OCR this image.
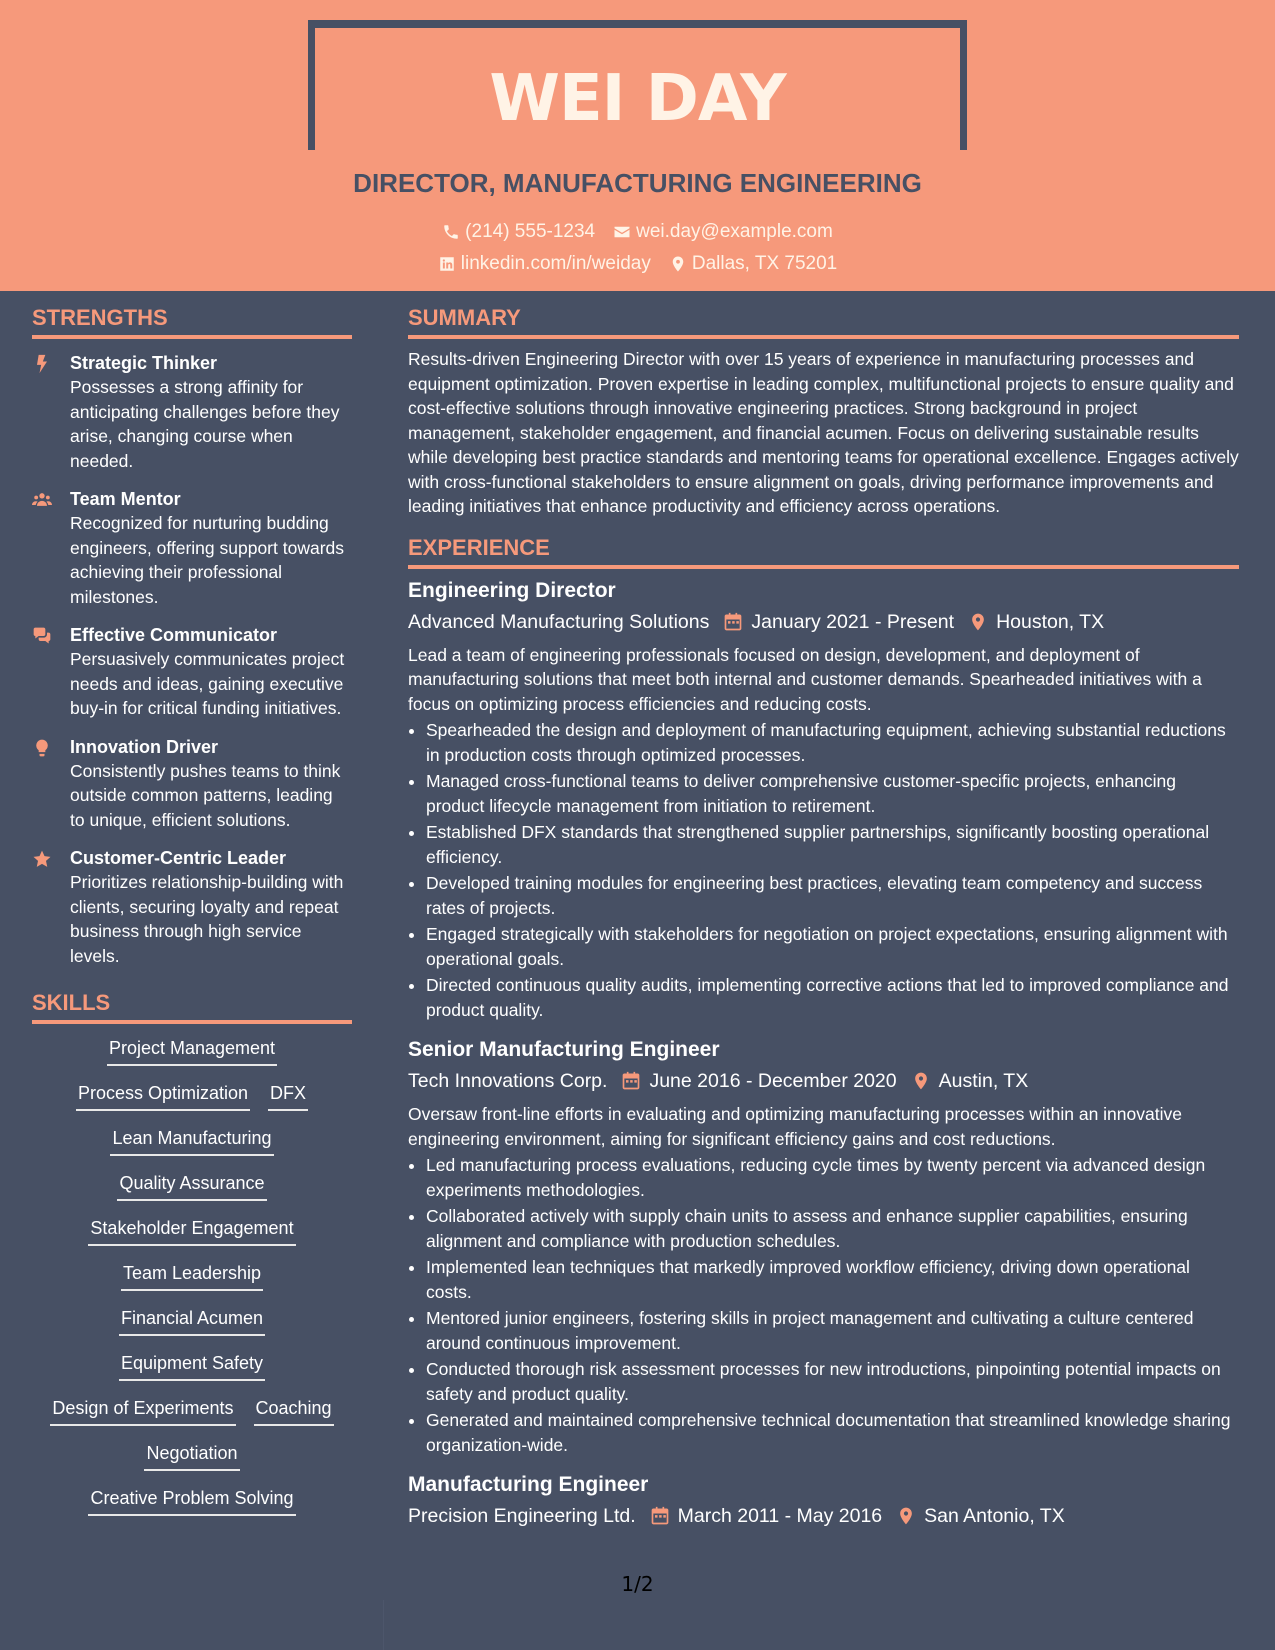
WEI DAY
DIRECTOR, MANUFACTURING ENGINEERING
(214) 555-1234 wei.day@example.com
linkedin.com/in/weiday Dallas, TX 75201
STRENGTHS
Strategic Thinker
Possesses a strong affinity for anticipating challenges before they arise, changing course when needed.
Team Mentor
Recognized for nurturing budding engineers, offering support towards achieving their professional milestones.
Effective Communicator
Persuasively communicates project needs and ideas, gaining executive buy-in for critical funding initiatives.
Innovation Driver
Consistently pushes teams to think outside common patterns, leading to unique, efficient solutions.
Customer-Centric Leader
Prioritizes relationship-building with clients, securing loyalty and repeat business through high service levels.
SKILLS
Project Management
Process Optimization DFX
Lean Manufacturing
Quality Assurance
Stakeholder Engagement
Team Leadership
Financial Acumen
Equipment Safety
Design of Experiments Coaching
Negotiation
Creative Problem Solving
SUMMARY
Results-driven Engineering Director with over 15 years of experience in manufacturing processes and equipment optimization. Proven expertise in leading complex, multifunctional projects to ensure quality and cost-effective solutions through innovative engineering practices. Strong background in project management, stakeholder engagement, and financial acumen. Focus on delivering sustainable results while developing best practice standards and mentoring teams for operational excellence. Engages actively with cross-functional stakeholders to ensure alignment on goals, driving performance improvements and leading initiatives that enhance productivity and efficiency across operations.
EXPERIENCE
Engineering Director
Advanced Manufacturing Solutions January 2021 - Present Houston, TX
Lead a team of engineering professionals focused on design, development, and deployment of manufacturing solutions that meet both internal and customer demands. Spearheaded initiatives with a focus on optimizing process efficiencies and reducing costs.
• Spearheaded the design and deployment of manufacturing equipment, achieving substantial reductions in production costs through optimized processes.
• Managed cross-functional teams to deliver comprehensive customer-specific projects, enhancing product lifecycle management from initiation to retirement.
• Established DFX standards that strengthened supplier partnerships, significantly boosting operational efficiency.
• Developed training modules for engineering best practices, elevating team competency and success rates of projects.
• Engaged strategically with stakeholders for negotiation on project expectations, ensuring alignment with operational goals.
• Directed continuous quality audits, implementing corrective actions that led to improved compliance and product quality.
Senior Manufacturing Engineer
Tech Innovations Corp. June 2016 - December 2020 Austin, TX
Oversaw front-line efforts in evaluating and optimizing manufacturing processes within an innovative engineering environment, aiming for significant efficiency gains and cost reductions.
• Led manufacturing process evaluations, reducing cycle times by twenty percent via advanced design experiments methodologies.
• Collaborated actively with supply chain units to assess and enhance supplier capabilities, ensuring alignment and compliance with production schedules.
• Implemented lean techniques that markedly improved workflow efficiency, driving down operational costs.
• Mentored junior engineers, fostering skills in project management and cultivating a culture centered around continuous improvement.
• Conducted thorough risk assessment processes for new introductions, pinpointing potential impacts on safety and product quality.
• Generated and maintained comprehensive technical documentation that streamlined knowledge sharing organization-wide.
Manufacturing Engineer
Precision Engineering Ltd. March 2011 - May 2016 San Antonio, TX
1/2
